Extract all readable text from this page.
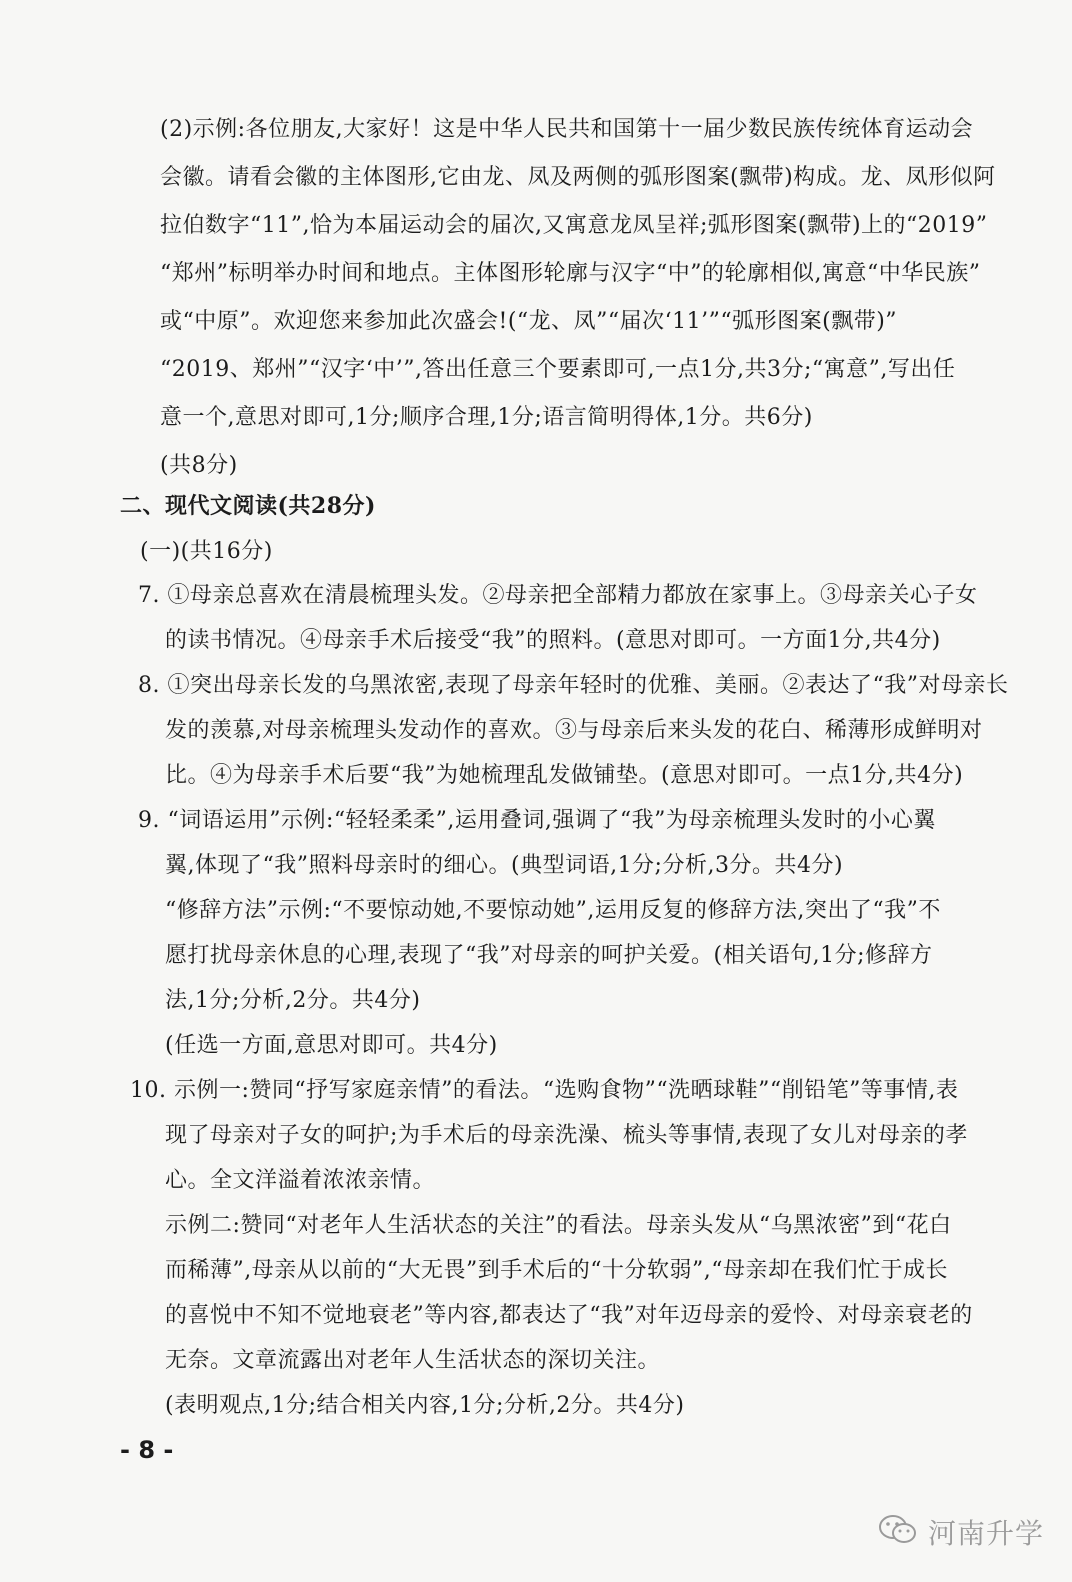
(2)示例:各位朋友,大家好！这是中华人民共和国第十一届少数民族传统体育运动会
会徽。请看会徽的主体图形,它由龙、凤及两侧的弧形图案(飘带)构成。龙、凤形似阿
拉伯数字“11”,恰为本届运动会的届次,又寓意龙凤呈祥;弧形图案(飘带)上的“2019”
“郑州”标明举办时间和地点。主体图形轮廓与汉字“中”的轮廓相似,寓意“中华民族”
或“中原”。欢迎您来参加此次盛会!(“龙、凤”“届次‘11’”“弧形图案(飘带)”
“2019、郑州”“汉字‘中’”,答出任意三个要素即可,一点1分,共3分;“寓意”,写出任
意一个,意思对即可,1分;顺序合理,1分;语言简明得体,1分。共6分)
(共8分)
二、现代文阅读(共28分)
(一)(共16分)
7. ①母亲总喜欢在清晨梳理头发。②母亲把全部精力都放在家事上。③母亲关心子女
的读书情况。④母亲手术后接受“我”的照料。(意思对即可。一方面1分,共4分)
8. ①突出母亲长发的乌黑浓密,表现了母亲年轻时的优雅、美丽。②表达了“我”对母亲长
发的羡慕,对母亲梳理头发动作的喜欢。③与母亲后来头发的花白、稀薄形成鲜明对
比。④为母亲手术后要“我”为她梳理乱发做铺垫。(意思对即可。一点1分,共4分)
9. “词语运用”示例:“轻轻柔柔”,运用叠词,强调了“我”为母亲梳理头发时的小心翼
翼,体现了“我”照料母亲时的细心。(典型词语,1分;分析,3分。共4分)
“修辞方法”示例:“不要惊动她,不要惊动她”,运用反复的修辞方法,突出了“我”不
愿打扰母亲休息的心理,表现了“我”对母亲的呵护关爱。(相关语句,1分;修辞方
法,1分;分析,2分。共4分)
(任选一方面,意思对即可。共4分)
10. 示例一:赞同“抒写家庭亲情”的看法。“选购食物”“洗晒球鞋”“削铅笔”等事情,表
现了母亲对子女的呵护;为手术后的母亲洗澡、梳头等事情,表现了女儿对母亲的孝
心。全文洋溢着浓浓亲情。
示例二:赞同“对老年人生活状态的关注”的看法。母亲头发从“乌黑浓密”到“花白
而稀薄”,母亲从以前的“大无畏”到手术后的“十分软弱”,“母亲却在我们忙于成长
的喜悦中不知不觉地衰老”等内容,都表达了“我”对年迈母亲的爱怜、对母亲衰老的
无奈。文章流露出对老年人生活状态的深切关注。
(表明观点,1分;结合相关内容,1分;分析,2分。共4分)
- 8 -
河南升学
